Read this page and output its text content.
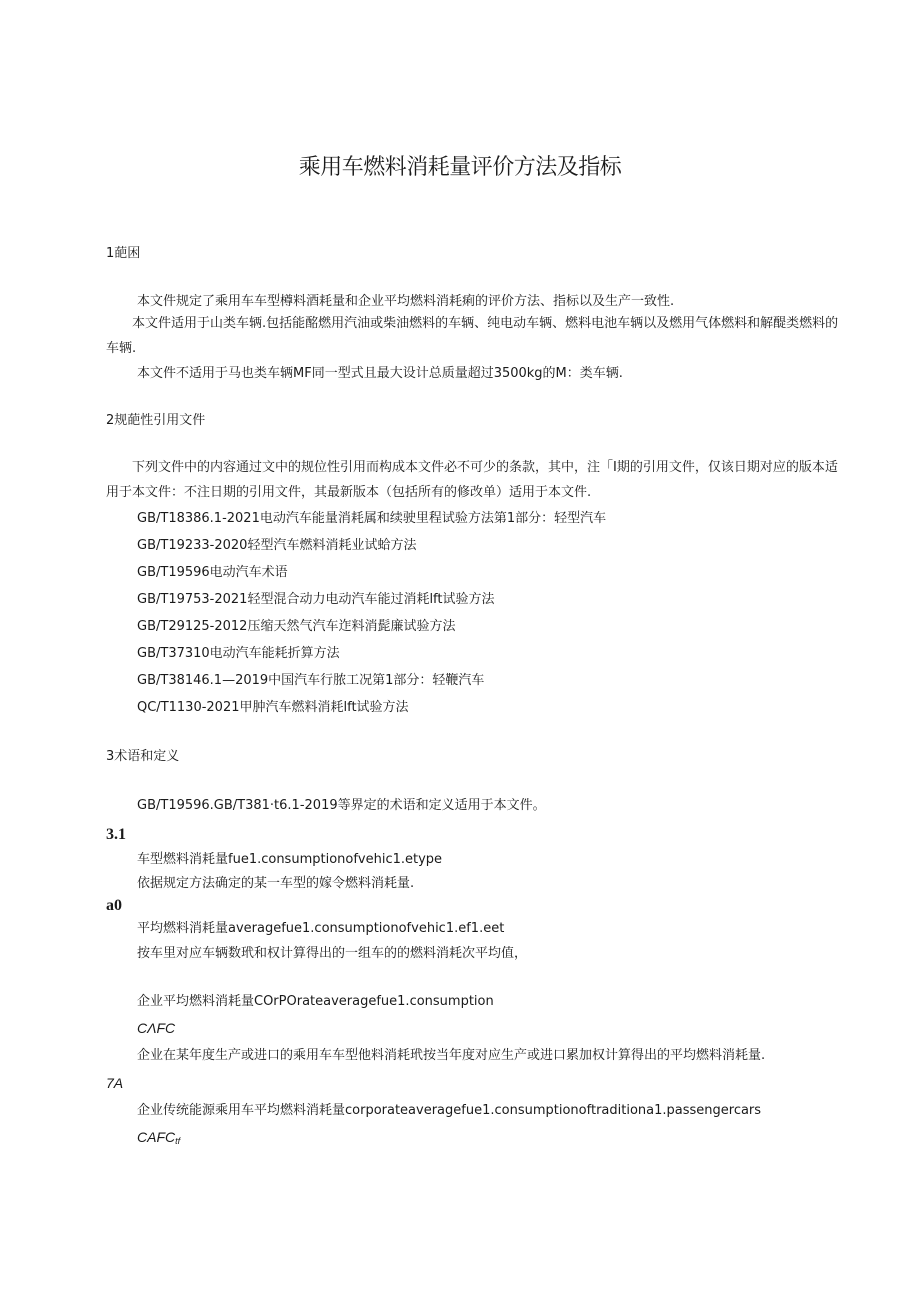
乘用车燃料消耗量评价方法及指标
1葩困
本文件规定了乘用车车型樽料酒耗量和企业平均燃料消耗痢的评价方法、指标以及生产一致性.
本文件适用于山类车辆.包括能酩燃用汽油或柴油燃料的车辆、纯电动车辆、燃料电池车辆以及燃用气体燃料和解醍类燃料的车辆.
本文件不适用于马也类车辆MF同一型式且最大设计总质量超过3500kg的M：类车辆.
2规葩性引用文件
下列文件中的内容通过文中的规位性引用而构成本文件必不可少的条款，其中，注「I期的引用文件，仅该日期对应的版本适用于本文件：不注日期的引用文件，其最新版本（包括所有的修改单）适用于本文件.
GB/T18386.1-2021电动汽车能量消耗属和续驶里程试验方法第1部分：轻型汽车
GB/T19233-2020轻型汽车燃料消耗业试蛤方法
GB/T19596电动汽车术语
GB/T19753-2021轻型混合动力电动汽车能过消耗lft试验方法
GB/T29125-2012压缩天然气汽车迮料消髭廉试验方法
GB/T37310电动汽车能耗折算方法
GB/T38146.1—2019中国汽车行脓工况第1部分：轻鞭汽车
QC/T1130-2021甲肿汽车燃料消耗lft试验方法
3术语和定义
GB/T19596.GB/T381·t6.1-2019等界定的术语和定义适用于本文件。
3.1
车型燃料消耗量fue1.consumptionofvehic1.etype
依据规定方法确定的某一车型的嫁令燃料消耗量.
a0
平均燃料消耗量averagefue1.consumptionofvehic1.ef1.eet
按车里对应车辆数玳和权计算得出的一组车的的燃料消耗次平均值，
企业平均燃料消耗量COrPOrateaveragefue1.consumption
CΛFC
企业在某年度生产或进口的乘用车车型他料消耗玳按当年度对应生产或进口累加权计算得出的平均燃料消耗量.
7A
企业传统能源乘用车平均燃料消耗量corporateaveragefue1.consumptionoftraditiona1.passengercars
$CAFC_{tf}$
